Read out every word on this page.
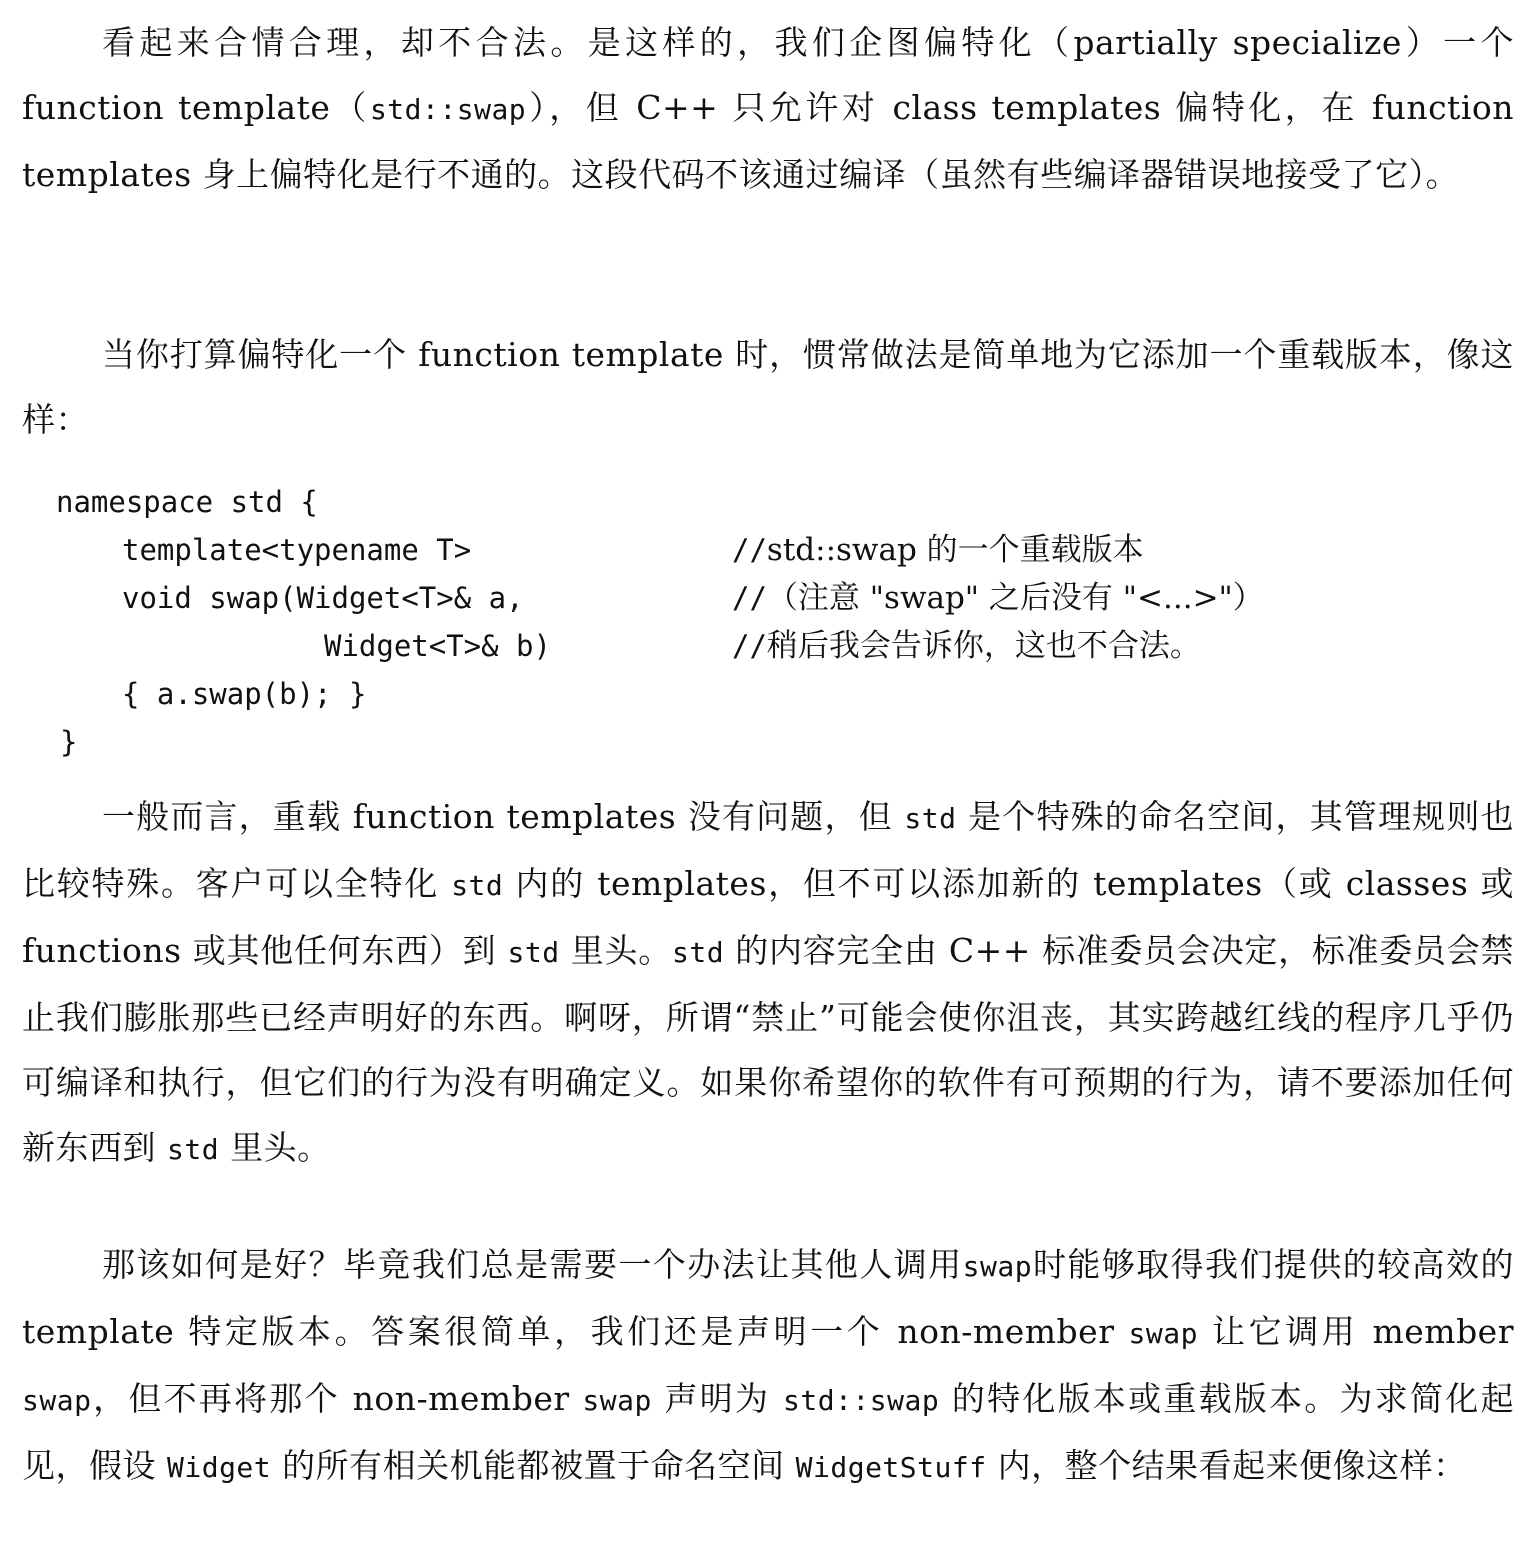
看起来合情合理，却不合法。是这样的，我们企图偏特化（partially specialize）一个 function template（std::swap），但 C++ 只允许对 class templates 偏特化，在 function templates 身上偏特化是行不通的。这段代码不该通过编译（虽然有些编译器错误地接受了它）。

当你打算偏特化一个 function template 时，惯常做法是简单地为它添加一个重载版本，像这样：

namespace std {

template<typename T>

	//std::swap 的一个重载版本

void swap(Widget<T>& a,

	//（注意 "swap" 之后没有 "<...>"）

Widget<T>& b)

	//稍后我会告诉你，这也不合法。

{ a.swap(b); }

}

一般而言，重载 function templates 没有问题，但 std 是个特殊的命名空间，其管理规则也比较特殊。客户可以全特化 std 内的 templates，但不可以添加新的 templates（或 classes 或 functions 或其他任何东西）到 std 里头。std 的内容完全由 C++ 标准委员会决定，标准委员会禁止我们膨胀那些已经声明好的东西。啊呀，所谓“禁止”可能会使你沮丧，其实跨越红线的程序几乎仍可编译和执行，但它们的行为没有明确定义。如果你希望你的软件有可预期的行为，请不要添加任何新东西到 std 里头。

那该如何是好？毕竟我们总是需要一个办法让其他人调用swap时能够取得我们提供的较高效的 template 特定版本。答案很简单，我们还是声明一个 non-member swap 让它调用 member swap，但不再将那个 non-member swap 声明为 std::swap 的特化版本或重载版本。为求简化起见，假设 Widget 的所有相关机能都被置于命名空间 WidgetStuff 内，整个结果看起来便像这样：
